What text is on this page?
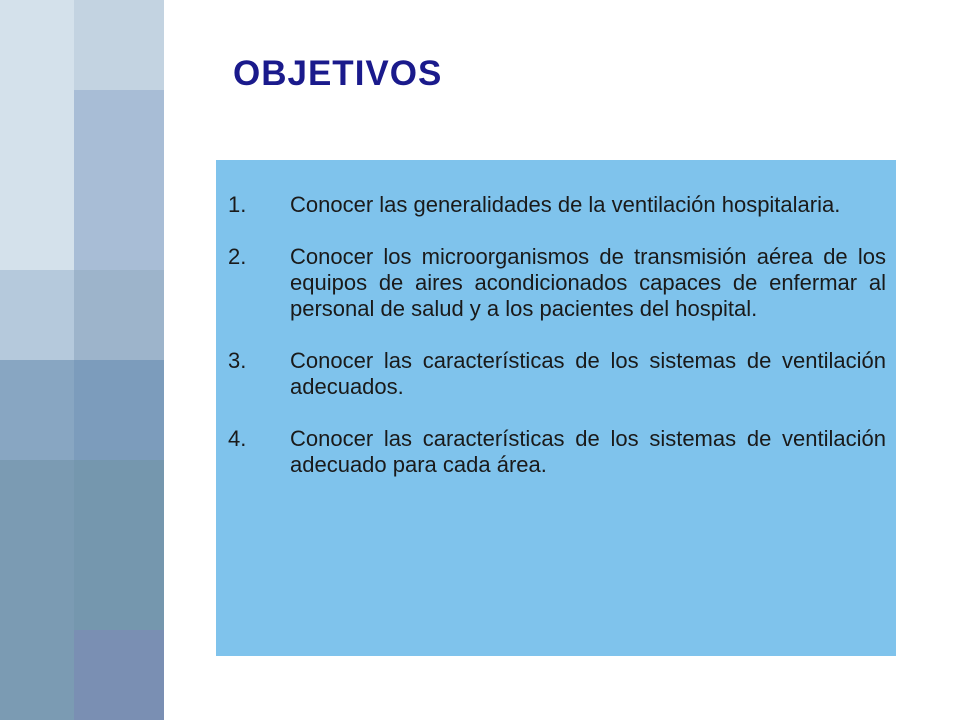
OBJETIVOS
1.	Conocer las generalidades de la ventilación hospitalaria.
2.	Conocer los microorganismos de transmisión aérea de los equipos de aires acondicionados capaces de enfermar al personal de salud y a los pacientes del hospital.
3.	Conocer las características de los sistemas de ventilación adecuados.
4.	Conocer las características de los sistemas de ventilación adecuado para cada área.
